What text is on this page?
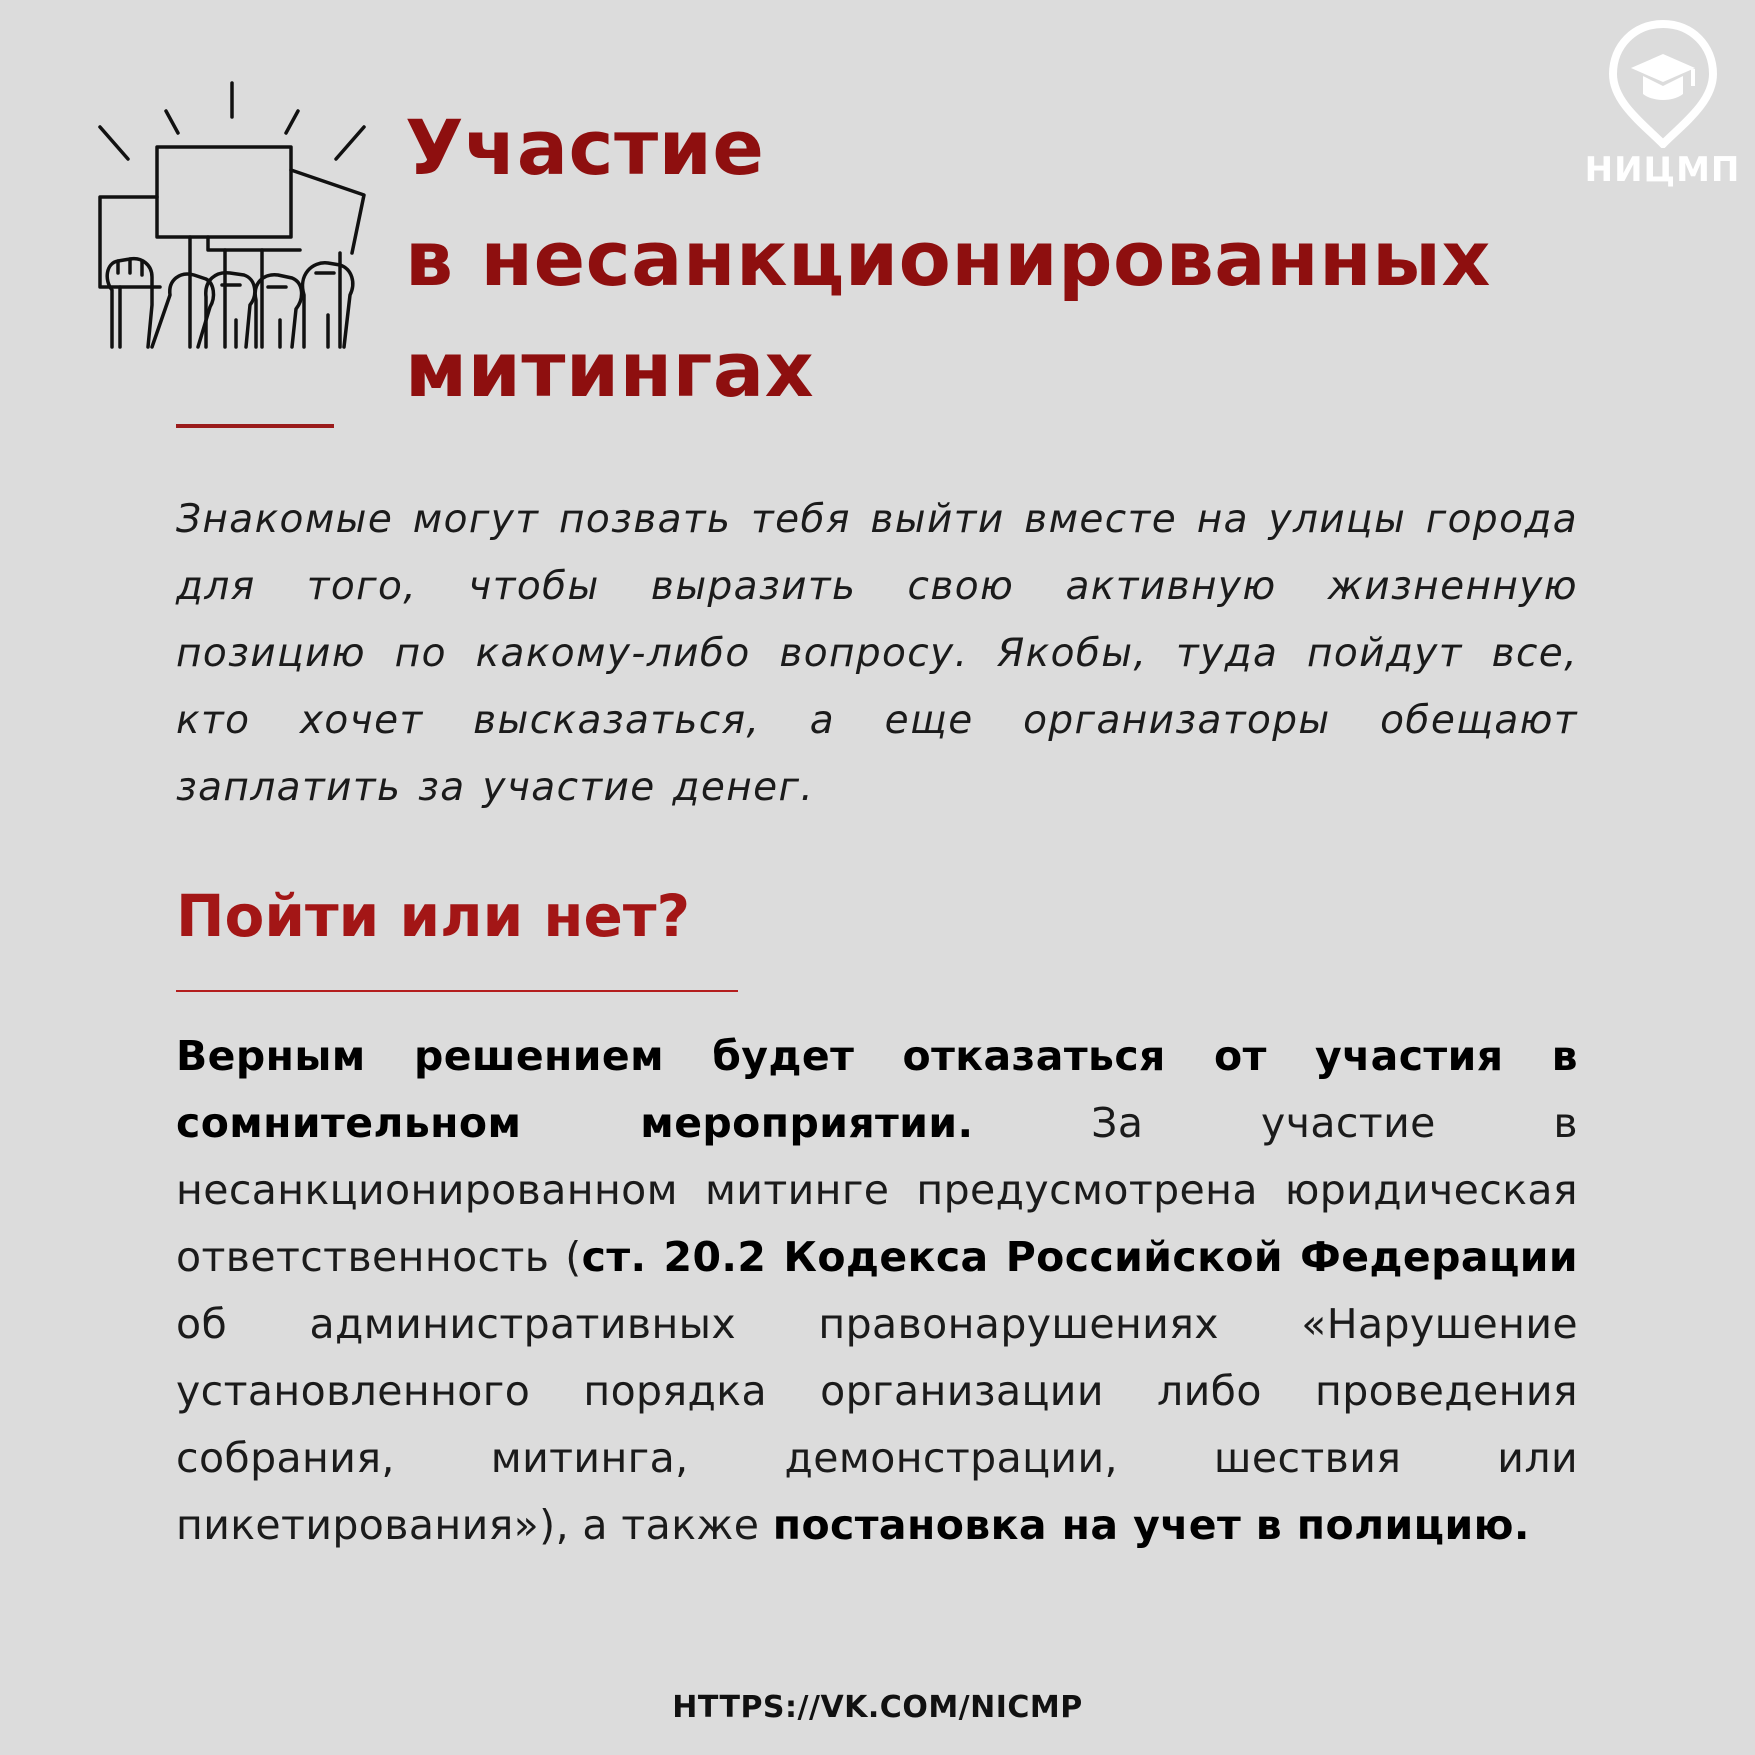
НИЦМП
Участие
в несанкционированных
митингах

Знакомые могут позвать тебя выйти вместе на улицы города для того, чтобы выразить свою активную жизненную позицию по какому-либо вопросу. Якобы, туда пойдут все, кто хочет высказаться, а еще организаторы обещают заплатить за участие денег.

Пойти или нет?

Верным решением будет отказаться от участия в сомнительном мероприятии. За участие в несанкционированном митинге предусмотрена юридическая ответственность (ст. 20.2 Кодекса Российской Федерации об административных правонарушениях «Нарушение установленного порядка организации либо проведения собрания, митинга, демонстрации, шествия или пикетирования»), а также постановка на учет в полицию.

HTTPS://VK.COM/NICMP
